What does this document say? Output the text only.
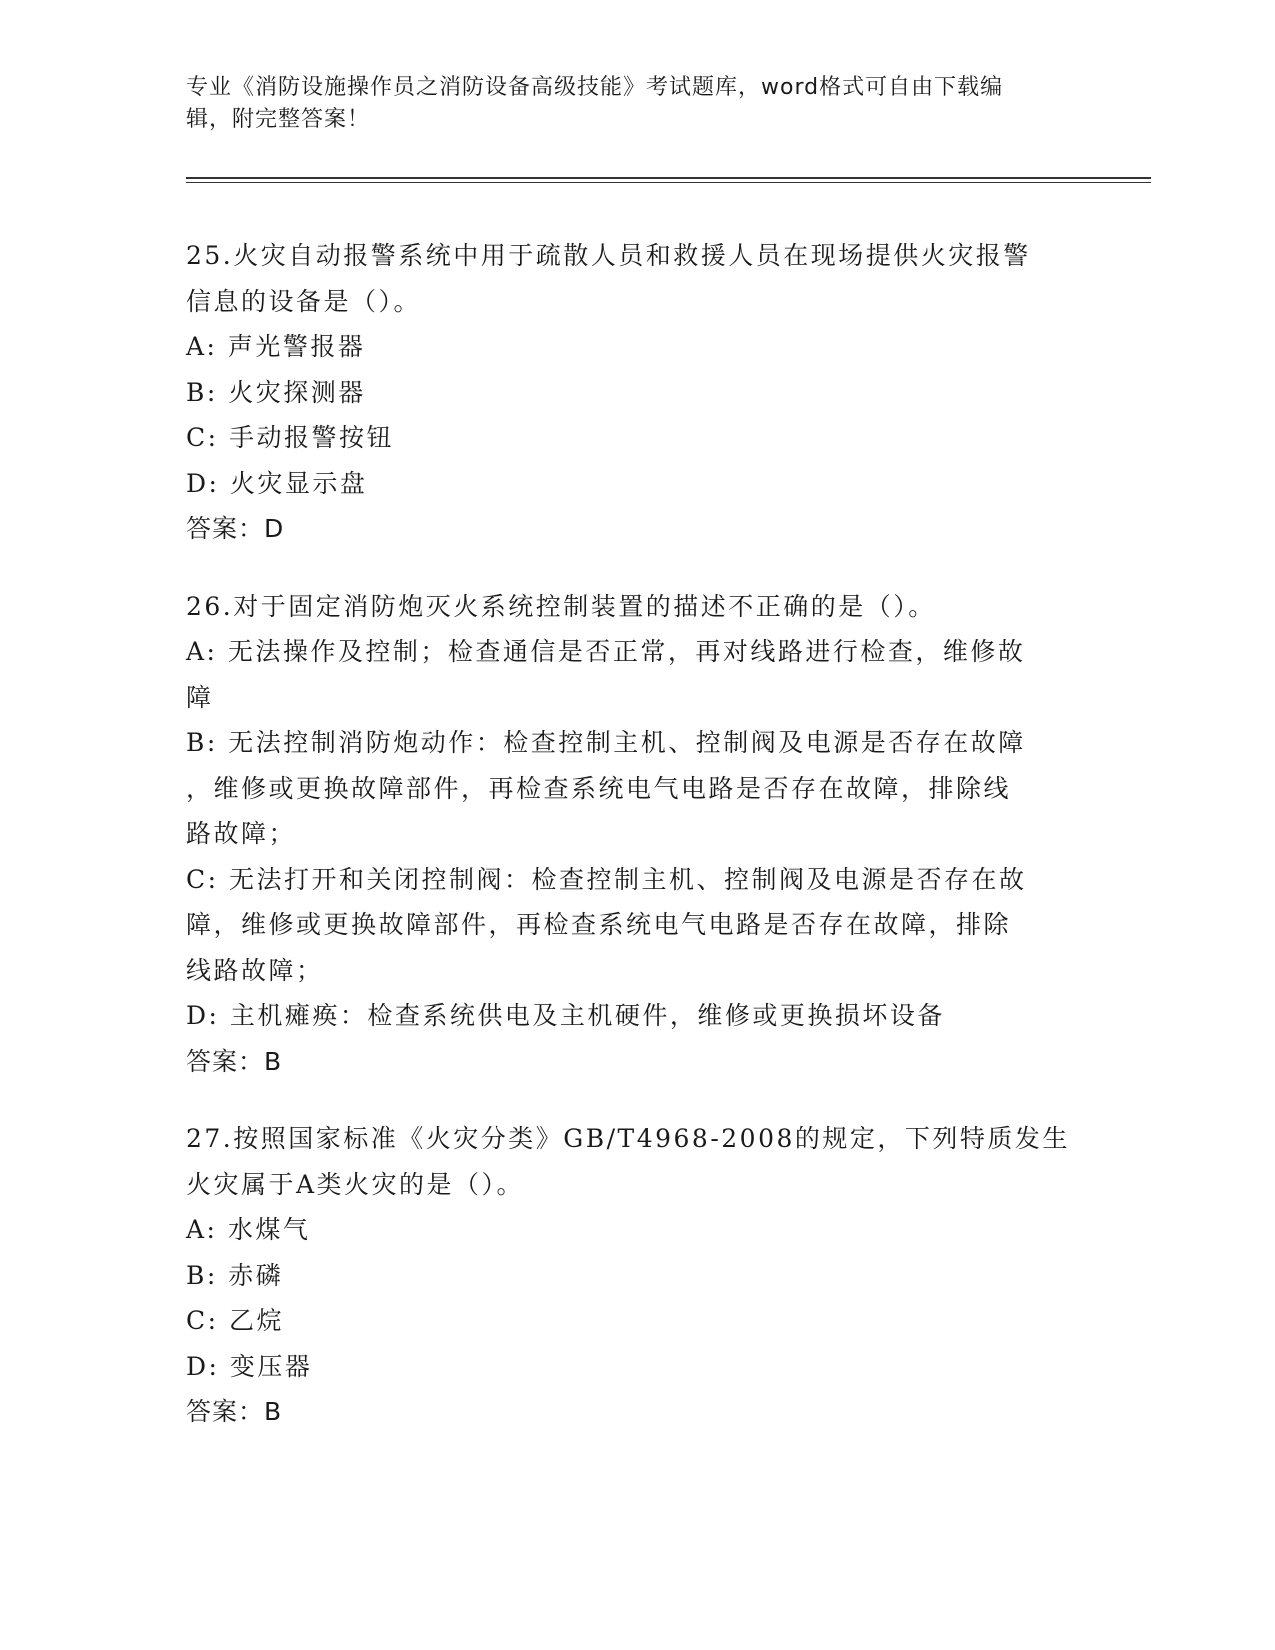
专业《消防设施操作员之消防设备高级技能》考试题库，word格式可自由下载编
辑，附完整答案！
25.火灾自动报警系统中用于疏散人员和救援人员在现场提供火灾报警
信息的设备是（）。
A: 声光警报器
B: 火灾探测器
C: 手动报警按钮
D: 火灾显示盘
答案：D
26.对于固定消防炮灭火系统控制装置的描述不正确的是（）。
A: 无法操作及控制；检查通信是否正常，再对线路进行检查，维修故
障
B: 无法控制消防炮动作：检查控制主机、控制阀及电源是否存在故障
，维修或更换故障部件，再检查系统电气电路是否存在故障，排除线
路故障；
C: 无法打开和关闭控制阀：检查控制主机、控制阀及电源是否存在故
障，维修或更换故障部件，再检查系统电气电路是否存在故障，排除
线路故障；
D: 主机瘫痪：检查系统供电及主机硬件，维修或更换损坏设备
答案：B
27.按照国家标准《火灾分类》GB/T4968-2008的规定，下列特质发生
火灾属于A类火灾的是（）。
A: 水煤气
B: 赤磷
C: 乙烷
D: 变压器
答案：B
